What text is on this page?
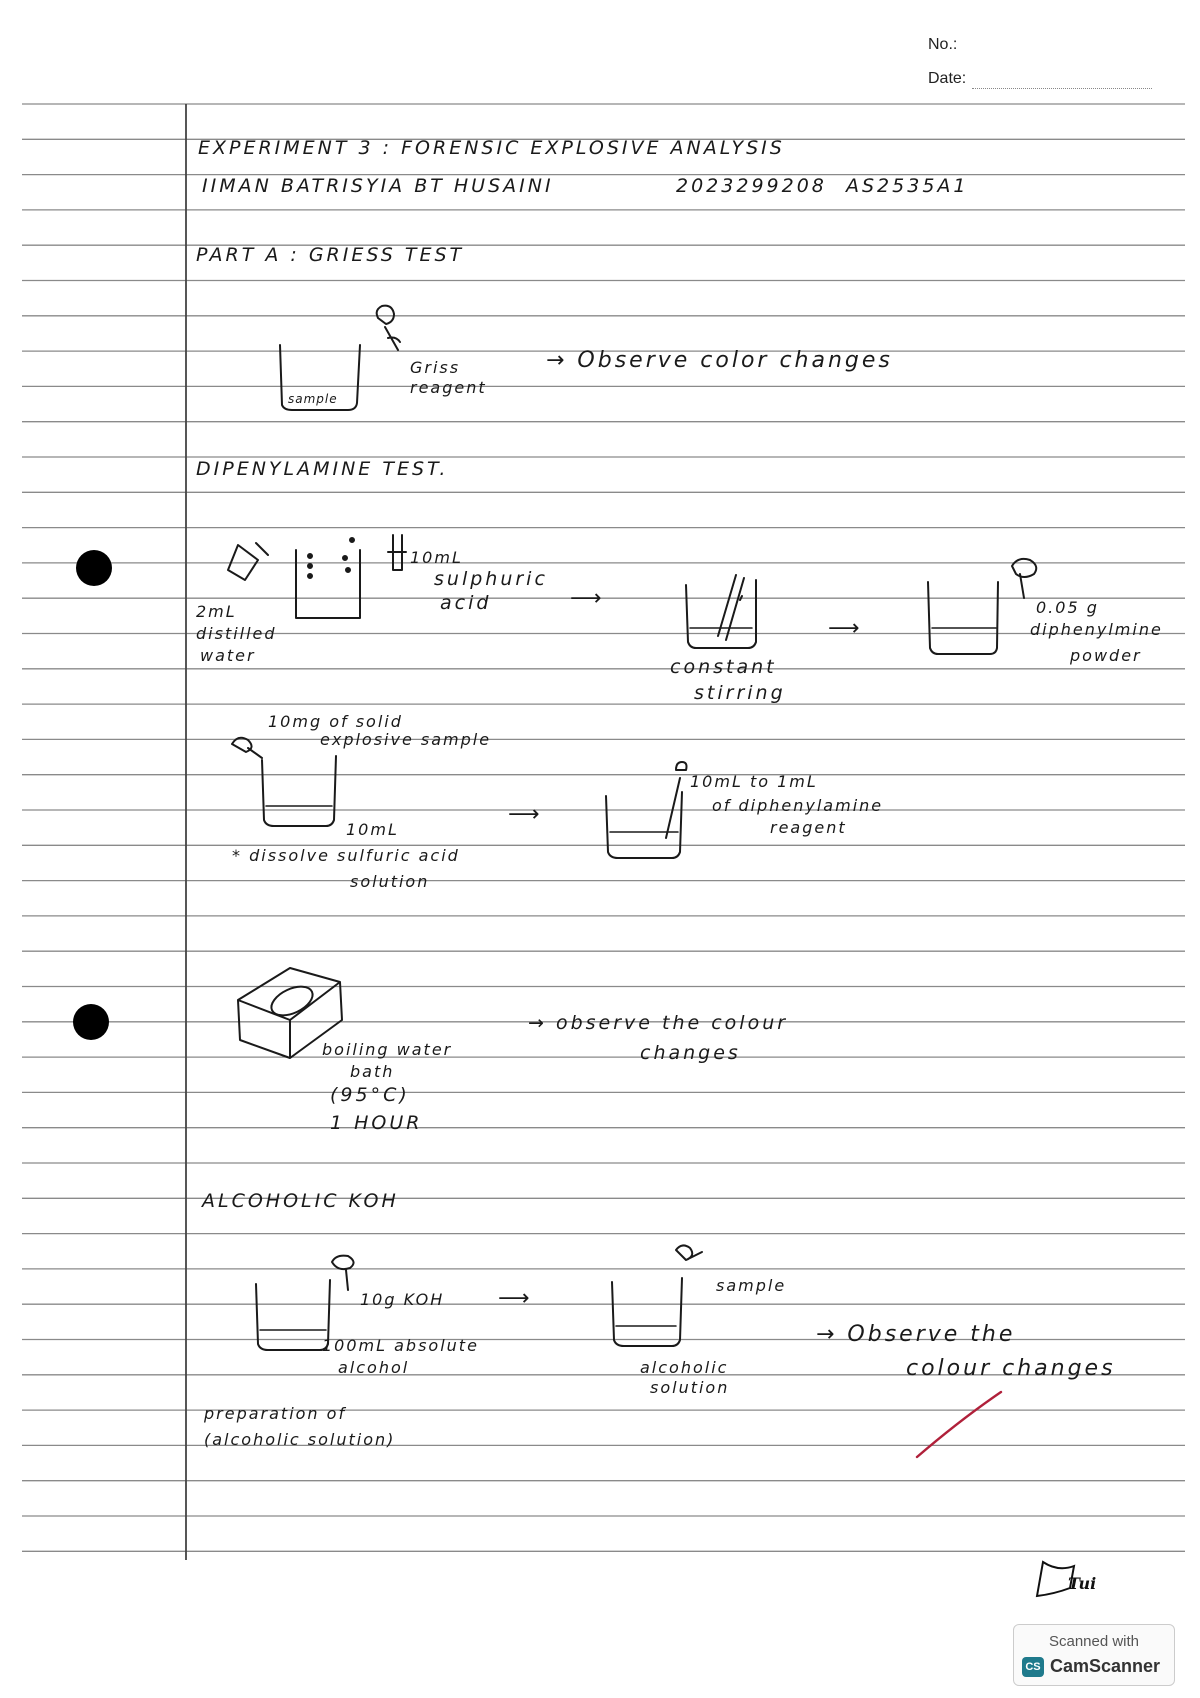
No.:
Date:
EXPERIMENT 3 : FORENSIC EXPLOSIVE ANALYSIS
IIMAN BATRISYIA BT HUSAINI	2023299208 AS2535A1
PART A : GRIESS TEST
sample
Griss reagent
→ Observe color changes
DIPENYLAMINE TEST.
2mL
distilled
water
10mL
sulphuric
acid	⟶
constant
stirring
⟶
0.05 g
diphenylmine
powder
10mg of solid
explosive sample
10mL
* dissolve sulfuric acid
solution
⟶
10mL to 1mL
of diphenylamine
reagent
boiling water
bath
(95°C)
1 HOUR
→ observe the colour
changes
ALCOHOLIC KOH
10g KOH
100mL absolute
alcohol
⟶
sample
alcoholic
solution
→ Observe the
colour changes
preparation of
(alcoholic solution)
Tui
Scanned with
CS CamScanner
